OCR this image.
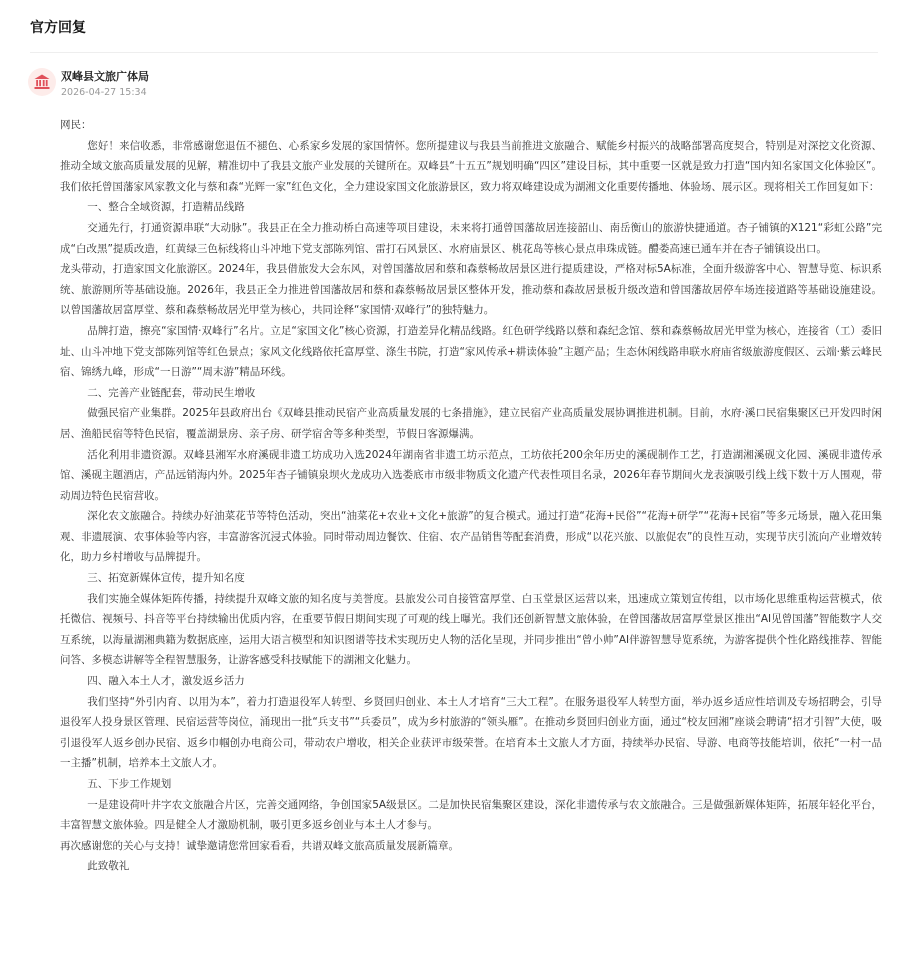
官方回复
双峰县文旅广体局
2026-04-27 15:34

网民：

您好！来信收悉，非常感谢您退伍不褪色、心系家乡发展的家国情怀。您所提建议与我县当前推进文旅融合、赋能乡村振兴的战略部署高度契合，特别是对深挖文化资源、推动全域文旅高质量发展的见解，精准切中了我县文旅产业发展的关键所在。双峰县“十五五”规划明确“四区”建设目标，其中重要一区就是致力打造“国内知名家国文化体验区”。我们依托曾国藩家风家教文化与蔡和森“光辉一家”红色文化，全力建设家国文化旅游景区，致力将双峰建设成为湖湘文化重要传播地、体验场、展示区。现将相关工作回复如下：

一、整合全域资源，打造精品线路

交通先行，打通资源串联“大动脉”。我县正在全力推动桥白高速等项目建设，未来将打通曾国藩故居连接韶山、南岳衡山的旅游快捷通道。杏子铺镇的X121“彩虹公路”完成“白改黑”提质改造，红黄绿三色标线将山斗冲地下党支部陈列馆、雷打石风景区、水府庙景区、桃花岛等核心景点串珠成链。醴娄高速已通车并在杏子铺镇设出口。

龙头带动，打造家国文化旅游区。2024年，我县借旅发大会东风，对曾国藩故居和蔡和森蔡畅故居景区进行提质建设，严格对标5A标准，全面升级游客中心、智慧导览、标识系统、旅游厕所等基础设施。2026年，我县正全力推进曾国藩故居和蔡和森蔡畅故居景区整体开发，推动蔡和森故居景板升级改造和曾国藩故居停车场连接道路等基础设施建设。以曾国藩故居富厚堂、蔡和森蔡畅故居光甲堂为核心，共同诠释“家国情·双峰行”的独特魅力。

品牌打造，擦亮“家国情·双峰行”名片。立足“家国文化”核心资源，打造差异化精品线路。红色研学线路以蔡和森纪念馆、蔡和森蔡畅故居光甲堂为核心，连接省（工）委旧址、山斗冲地下党支部陈列馆等红色景点；家风文化线路依托富厚堂、涤生书院，打造“家风传承+耕读体验”主题产品；生态休闲线路串联水府庙省级旅游度假区、云端·紫云峰民宿、锦绣九峰，形成“一日游”“周末游”精品环线。

二、完善产业链配套，带动民生增收

做强民宿产业集群。2025年县政府出台《双峰县推动民宿产业高质量发展的七条措施》，建立民宿产业高质量发展协调推进机制。目前，水府·溪口民宿集聚区已开发四时闲居、渔船民宿等特色民宿，覆盖湖景房、亲子房、研学宿舍等多种类型，节假日客源爆满。

活化利用非遗资源。双峰县湘军水府溪砚非遗工坊成功入选2024年湖南省非遗工坊示范点，工坊依托200余年历史的溪砚制作工艺，打造湖湘溪砚文化园、溪砚非遗传承馆、溪砚主题酒店，产品远销海内外。2025年杏子铺镇泉坝火龙成功入选娄底市市级非物质文化遗产代表性项目名录，2026年春节期间火龙表演吸引线上线下数十万人围观，带动周边特色民宿营收。

深化农文旅融合。持续办好油菜花节等特色活动，突出“油菜花+农业+文化+旅游”的复合模式。通过打造“花海+民俗”“花海+研学”“花海+民宿”等多元场景，融入花田集观、非遗展演、农事体验等内容，丰富游客沉浸式体验。同时带动周边餐饮、住宿、农产品销售等配套消费，形成“以花兴旅、以旅促农”的良性互动，实现节庆引流向产业增效转化，助力乡村增收与品牌提升。

三、拓宽新媒体宣传，提升知名度

我们实施全媒体矩阵传播，持续提升双峰文旅的知名度与美誉度。县旅发公司自接管富厚堂、白玉堂景区运营以来，迅速成立策划宣传组，以市场化思维重构运营模式，依托微信、视频号、抖音等平台持续输出优质内容，在重要节假日期间实现了可观的线上曝光。我们还创新智慧文旅体验，在曾国藩故居富厚堂景区推出“AI见曾国藩”智能数字人交互系统，以海量湖湘典籍为数据底座，运用大语言模型和知识图谱等技术实现历史人物的活化呈现，并同步推出“曾小帅”AI伴游智慧导览系统，为游客提供个性化路线推荐、智能问答、多模态讲解等全程智慧服务，让游客感受科技赋能下的湖湘文化魅力。

四、融入本土人才，激发返乡活力

我们坚持“外引内育、以用为本”，着力打造退役军人转型、乡贤回归创业、本土人才培育“三大工程”。在服务退役军人转型方面，举办返乡适应性培训及专场招聘会，引导退役军人投身景区管理、民宿运营等岗位，涌现出一批“兵支书”“兵委员”，成为乡村旅游的“领头雁”。在推动乡贤回归创业方面，通过“校友回湘”座谈会聘请“招才引智”大使，吸引退役军人返乡创办民宿、返乡巾帼创办电商公司，带动农户增收，相关企业获评市级荣誉。在培育本土文旅人才方面，持续举办民宿、导游、电商等技能培训，依托“一村一品一主播”机制，培养本土文旅人才。

五、下步工作规划

一是建设荷叶井字农文旅融合片区，完善交通网络，争创国家5A级景区。二是加快民宿集聚区建设，深化非遗传承与农文旅融合。三是做强新媒体矩阵，拓展年轻化平台，丰富智慧文旅体验。四是健全人才激励机制，吸引更多返乡创业与本土人才参与。

再次感谢您的关心与支持！诚挚邀请您常回家看看，共谱双峰文旅高质量发展新篇章。

此致敬礼
